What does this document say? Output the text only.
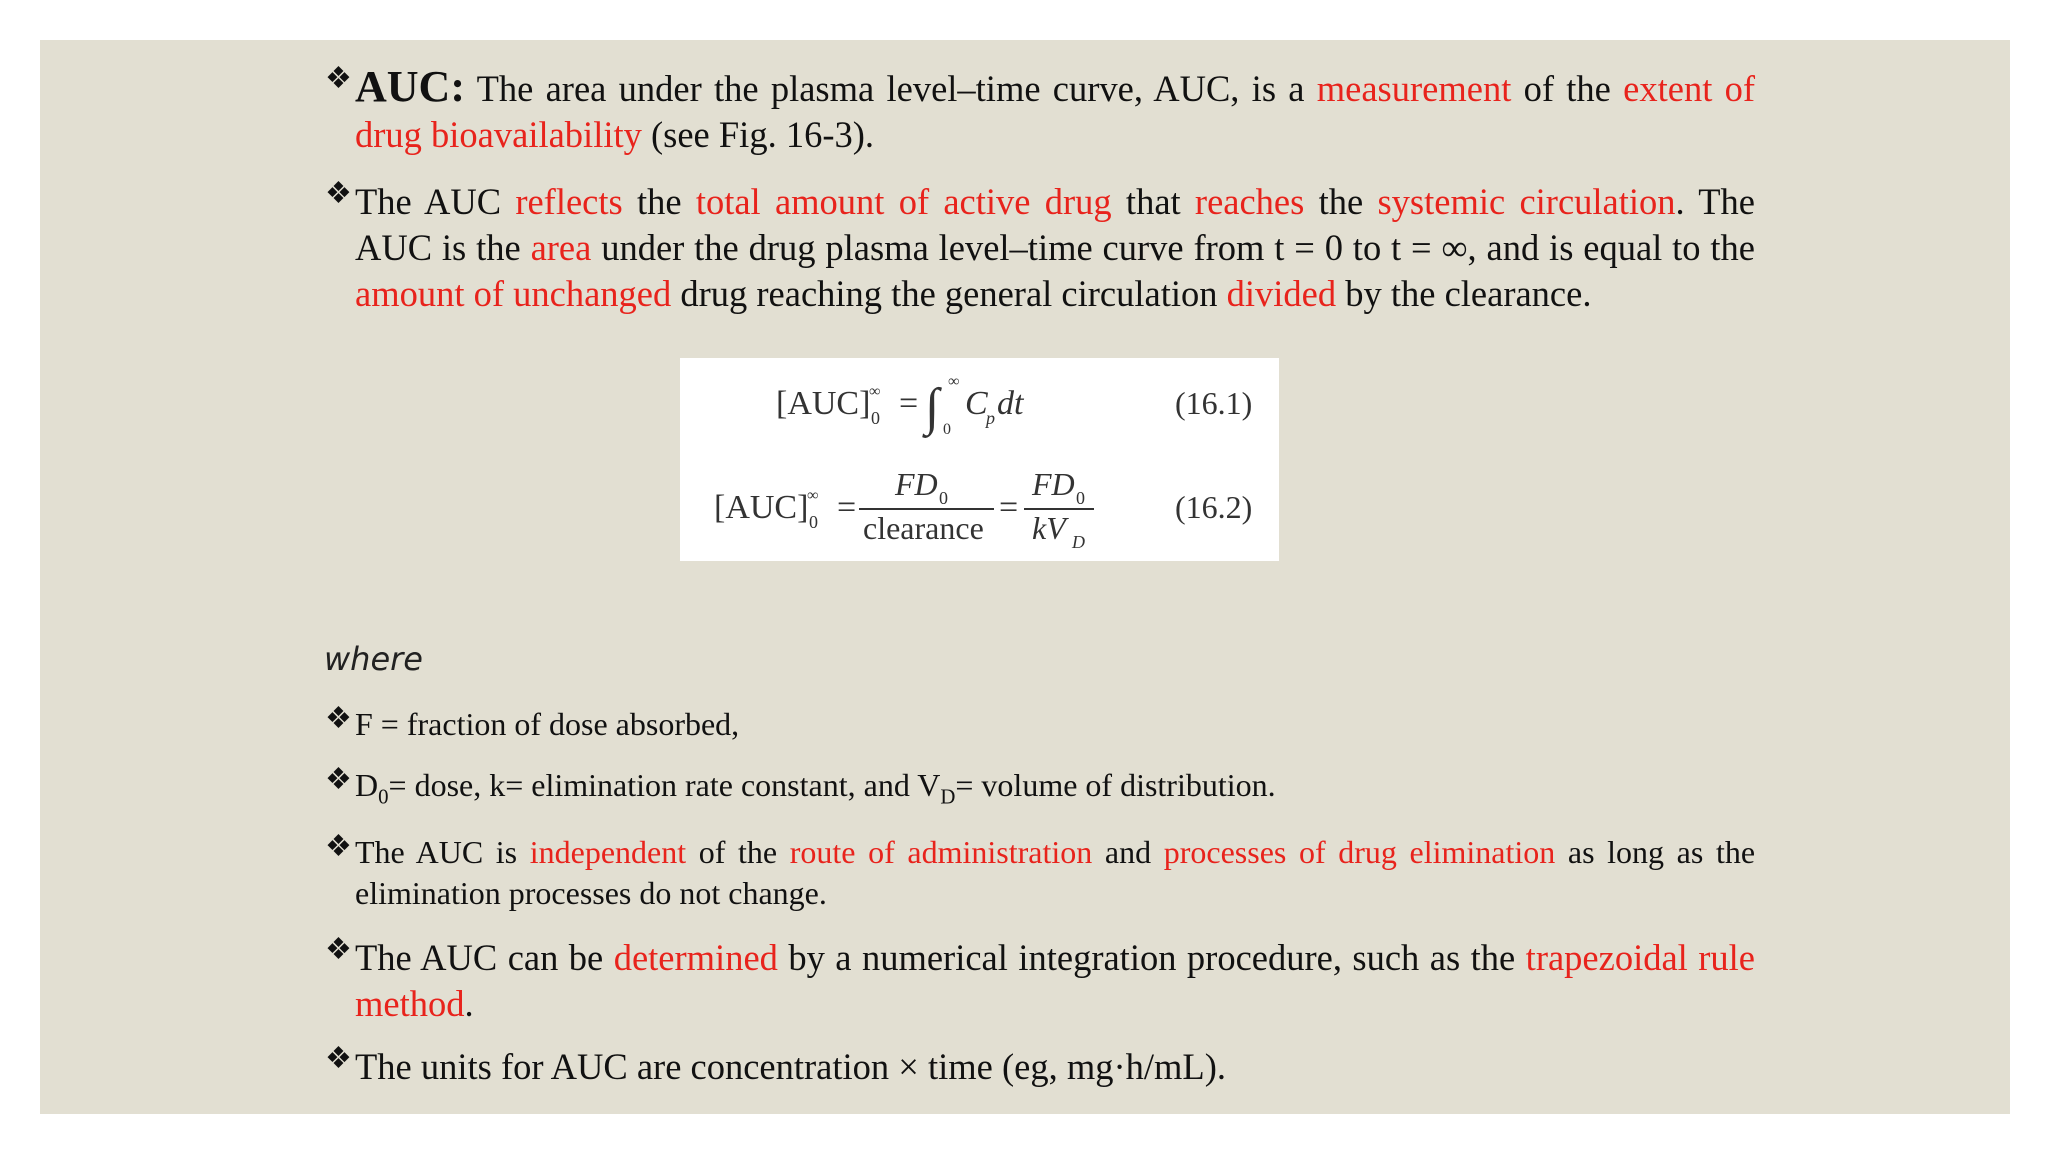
❖ AUC: The area under the plasma level–time curve, AUC, is a measurement of the extent of drug bioavailability (see Fig. 16-3).
❖ The AUC reflects the total amount of active drug that reaches the systemic circulation. The AUC is the area under the drug plasma level–time curve from t = 0 to t = ∞, and is equal to the amount of unchanged drug reaching the general circulation divided by the clearance.
[AUC]
∞
0 = ∫ ∞
0
C
p dt	(16.1)
[AUC]
∞
0 =
FD 0
clearance
=
FD 0
kV D
(16.2)
where
❖ F = fraction of dose absorbed,
❖ $D_0=$ dose, k= elimination rate constant, and $V_D=$ volume of distribution.
❖ The AUC is independent of the route of administration and processes of drug elimination as long as the elimination processes do not change.
❖ The AUC can be determined by a numerical integration procedure, such as the trapezoidal rule method.
❖ The units for AUC are concentration × time (eg, mg·h/mL).
